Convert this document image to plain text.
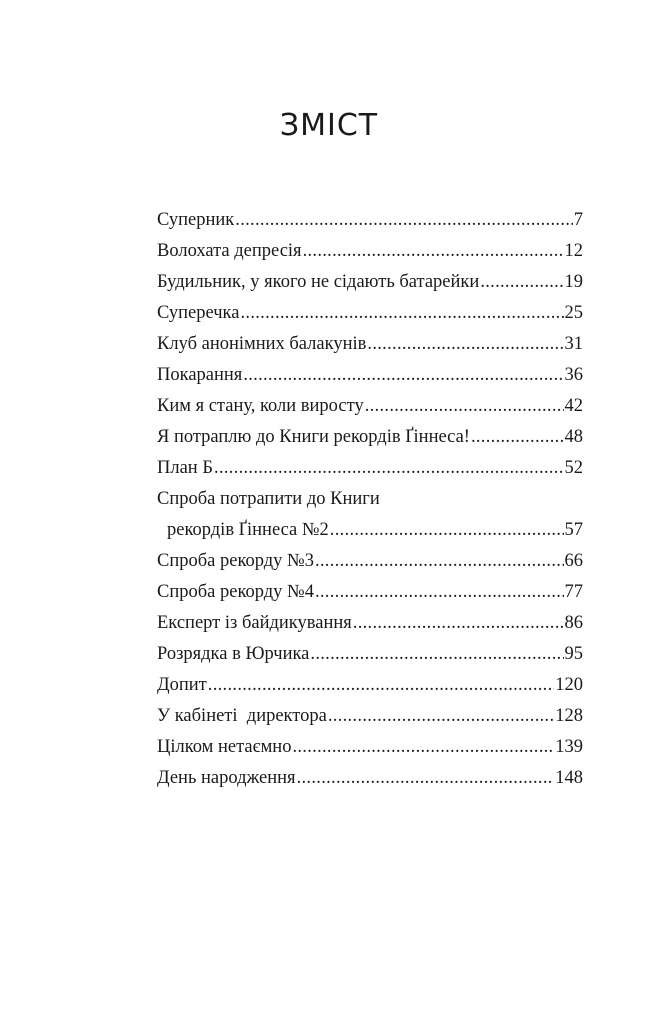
ЗМІСТ
Суперник .....	7
Волохата депресія .....	12
Будильник, у якого не сідають батарейки .....	19
Суперечка .....	25
Клуб анонімних балакунів .....	31
Покарання .....	36
Ким я стану, коли виросту .....	42
Я потраплю до Книги рекордів Ґіннеса! .....	48
План Б .....	52
Спроба потрапити до Книги
рекордів Ґіннеса №2 .....	57
Спроба рекорду №3 .....	66
Спроба рекорду №4 .....	77
Експерт із байдикування .....	86
Розрядка в Юрчика .....	95
Допит .....	120
У кабінеті  директора .....	128
Цілком нетаємно .....	139
День народження .....	148
